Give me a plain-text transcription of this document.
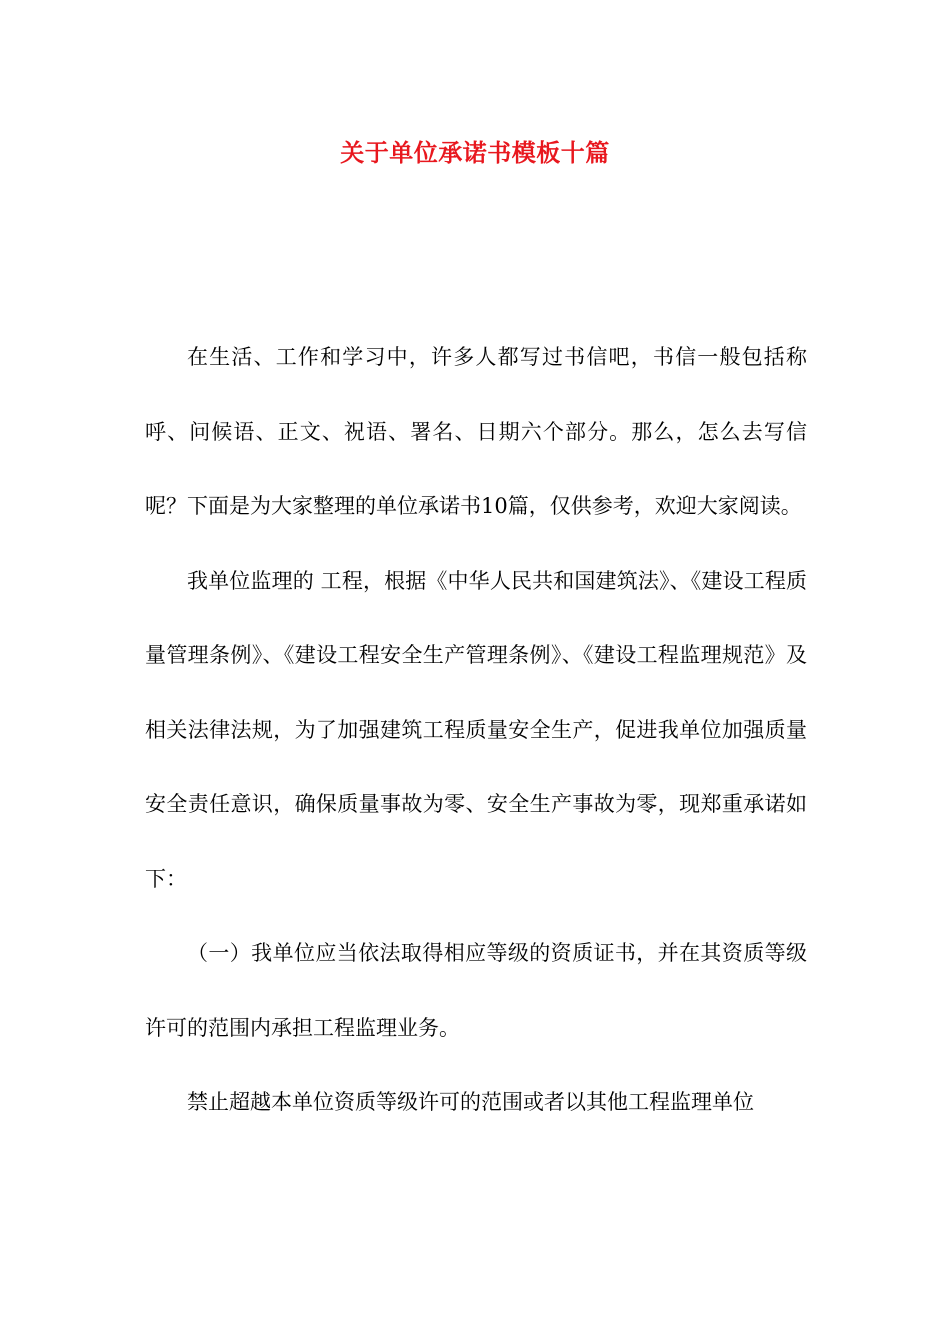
关于单位承诺书模板十篇

在生活、工作和学习中，许多人都写过书信吧，书信一般包括称呼、问候语、正文、祝语、署名、日期六个部分。那么，怎么去写信呢？下面是为大家整理的单位承诺书10篇，仅供参考，欢迎大家阅读。

我单位监理的 工程，根据《中华人民共和国建筑法》、《建设工程质量管理条例》、《建设工程安全生产管理条例》、《建设工程监理规范》及相关法律法规，为了加强建筑工程质量安全生产，促进我单位加强质量安全责任意识，确保质量事故为零、安全生产事故为零，现郑重承诺如下：

（一）我单位应当依法取得相应等级的资质证书，并在其资质等级许可的范围内承担工程监理业务。

禁止超越本单位资质等级许可的范围或者以其他工程监理单位
